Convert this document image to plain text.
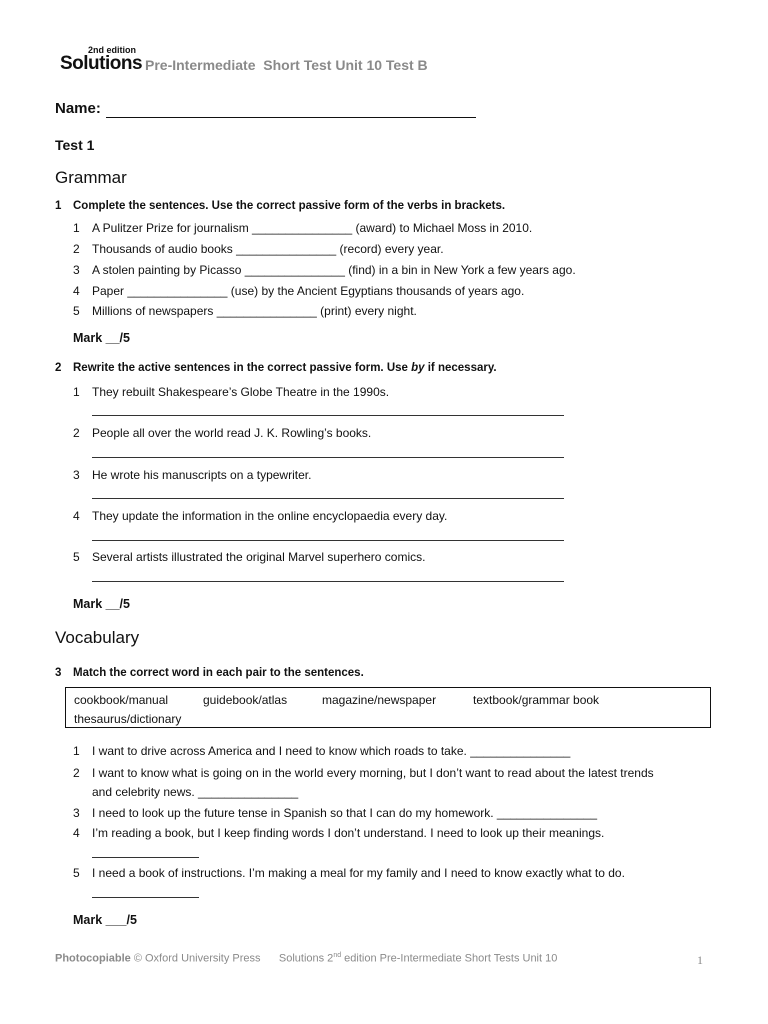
2nd edition
Solutions Pre-Intermediate  Short Test Unit 10 Test B
Name:
Test 1
Grammar
1 Complete the sentences. Use the correct passive form of the verbs in brackets.
1 A Pulitzer Prize for journalism _______________ (award) to Michael Moss in 2010.
2 Thousands of audio books _______________ (record) every year.
3 A stolen painting by Picasso _______________ (find) in a bin in New York a few years ago.
4 Paper _______________ (use) by the Ancient Egyptians thousands of years ago.
5 Millions of newspapers _______________ (print) every night.
Mark __/5
2 Rewrite the active sentences in the correct passive form. Use by if necessary.
1 They rebuilt Shakespeare’s Globe Theatre in the 1990s.
2 People all over the world read J. K. Rowling’s books.
3 He wrote his manuscripts on a typewriter.
4 They update the information in the online encyclopaedia every day.
5 Several artists illustrated the original Marvel superhero comics.
Mark __/5
Vocabulary
3 Match the correct word in each pair to the sentences.
cookbook/manual	guidebook/atlas	magazine/newspaper	textbook/grammar book
thesaurus/dictionary
1 I want to drive across America and I need to know which roads to take. _______________
2 I want to know what is going on in the world every morning, but I don’t want to read about the latest trends
and celebrity news. _______________
3 I need to look up the future tense in Spanish so that I can do my homework. _______________
4 I’m reading a book, but I keep finding words I don’t understand. I need to look up their meanings.
5 I need a book of instructions. I’m making a meal for my family and I need to know exactly what to do.
Mark ___/5
Photocopiable © Oxford University Press Solutions 2nd edition Pre-Intermediate Short Tests Unit 10	1
